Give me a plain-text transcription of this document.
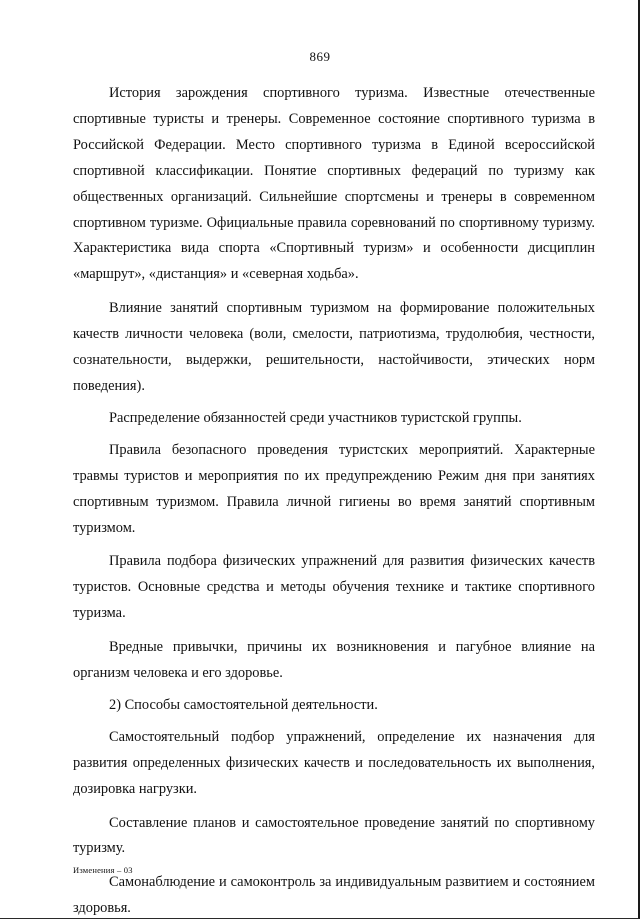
869

История зарождения спортивного туризма. Известные отечественные спортивные туристы и тренеры. Современное состояние спортивного туризма в Российской Федерации. Место спортивного туризма в Единой всероссийской спортивной классификации. Понятие спортивных федераций по туризму как общественных организаций. Сильнейшие спортсмены и тренеры в современном спортивном туризме. Официальные правила соревнований по спортивному туризму. Характеристика вида спорта «Спортивный туризм» и особенности дисциплин «маршрут», «дистанция» и «северная ходьба».

Влияние занятий спортивным туризмом на формирование положительных качеств личности человека (воли, смелости, патриотизма, трудолюбия, честности, сознательности, выдержки, решительности, настойчивости, этических норм поведения).

Распределение обязанностей среди участников туристской группы.

Правила безопасного проведения туристских мероприятий. Характерные травмы туристов и мероприятия по их предупреждению Режим дня при занятиях спортивным туризмом. Правила личной гигиены во время занятий спортивным туризмом.

Правила подбора физических упражнений для развития физических качеств туристов. Основные средства и методы обучения технике и тактике спортивного туризма.

Вредные привычки, причины их возникновения и пагубное влияние на организм человека и его здоровье.

2) Способы самостоятельной деятельности.

Самостоятельный подбор упражнений, определение их назначения для развития определенных физических качеств и последовательность их выполнения, дозировка нагрузки.

Составление планов и самостоятельное проведение занятий по спортивному туризму.

Самонаблюдение и самоконтроль за индивидуальным развитием и состоянием здоровья.

Изменения – 03
